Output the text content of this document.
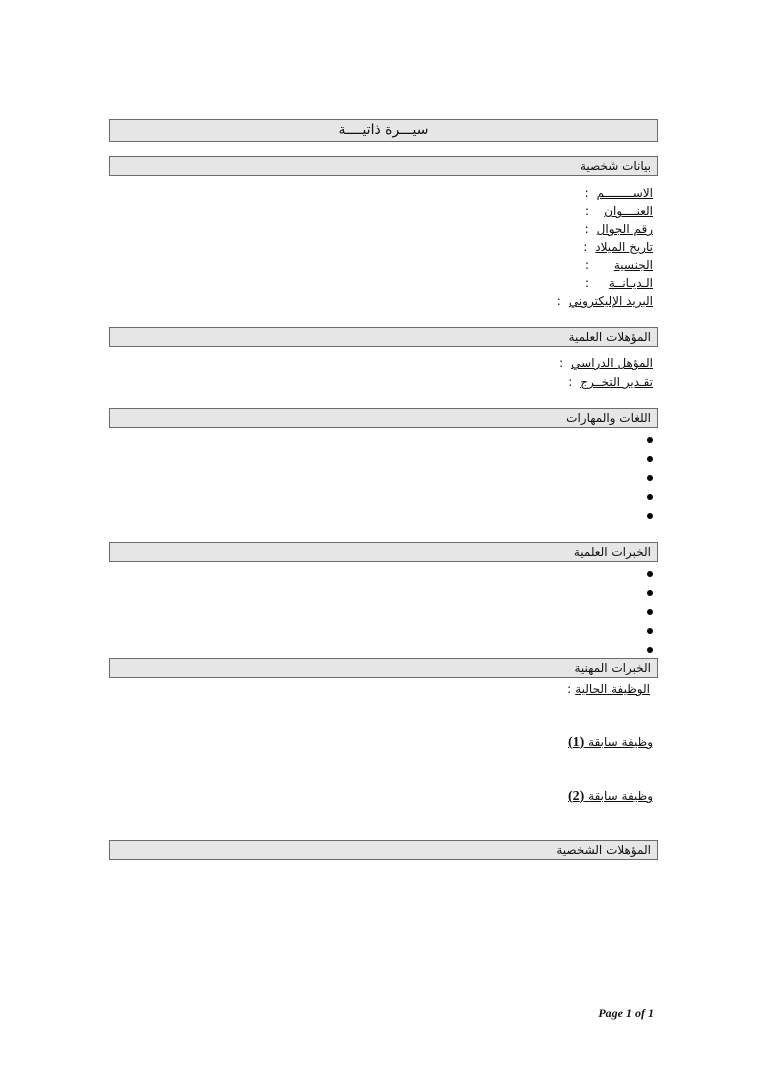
سيـــرة ذاتيــــة
بيانات شخصية
الاســــــــم:
العنــــوان:
رقم الجوال:
تاريخ الميلاد:
الجنسية:
الـديـانــة:
البريد الإليكتروني:
المؤهلات العلمية
المؤهل الدراسي:
تقـدير التخــرج:
اللغات والمهارات
الخبرات العلمية
الخبرات المهنية
الوظيفة الحالية:
وظيفة سابقة (1)
وظيفة سابقة (2)
المؤهلات الشخصية
Page 1 of 1
